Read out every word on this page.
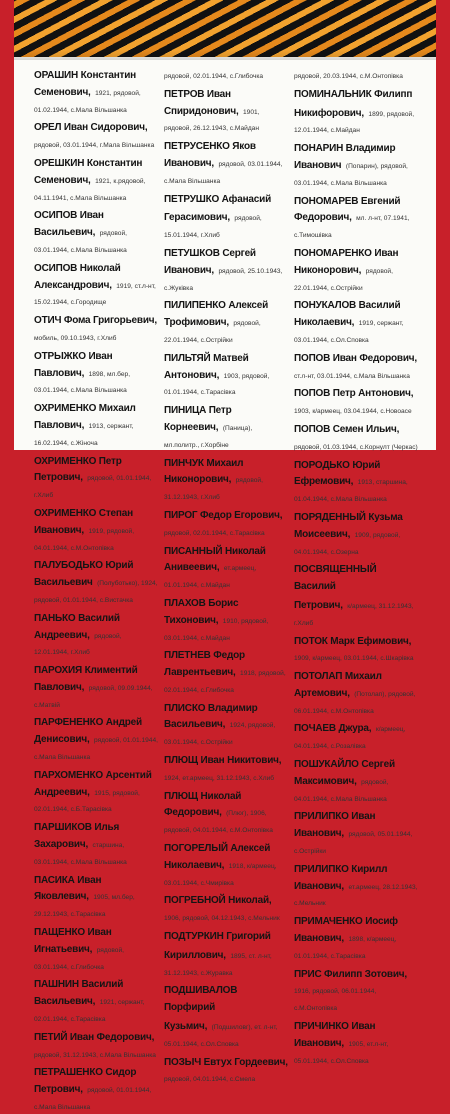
ОРАШИН Константин Семенович, 1921, рядовой, 01.02.1944, с.Мала Вільшанка
ОРЕЛ Иван Сидорович, рядовой, 03.01.1944, г.Мала Вільшанка
ОРЕШКИН Константин Семенович, 1921, к.рядовой, 04.11.1941, с.Мала Вільшанка
ОСИПОВ Иван Васильевич, рядовой, 03.01.1944, с.Мала Вільшанка
ОСИПОВ Николай Александрович, 1919, ст.л-нт, 15.02.1944, с.Городище
ОТИЧ Фома Григорьевич, мобиль, 09.10.1943, г.Хлиб
ОТРЫЖКО Иван Павлович, 1898, мл.бер, 03.01.1944, с.Мала Вільшанка
ОХРИМЕНКО Михаил Павлович, 1913, сержант, 16.02.1944, с.Жіноча
ОХРИМЕНКО Петр Петрович, рядовой, 01.01.1944, г.Хлиб
ОХРИМЕНКО Степан Иванович, 1919, рядовой, 04.01.1944, с.М.Онтопівка
ПАЛУБОДЬКО Юрий Васильевич (Полуботько), 1924, рядовой, 01.01.1944, с.Вистачка
ПАНЬКО Василий Андреевич, рядовой, 12.01.1944, г.Хлиб
ПАРОХИЯ Климентий Павлович, рядовой, 09.09.1944, с.Матвій
ПАРФЕНЕНКО Андрей Денисович, рядовой, 01.01.1944, с.Мала Вільшанка
ПАРХОМЕНКО Арсентий Андреевич, 1915, рядовой, 02.01.1944, с.Б.Тарасівка
ПАРШИКОВ Илья Захарович, старшина, 03.01.1944, с.Мала Вільшанка
ПАСИКА Иван Яковлевич, 1905, мл.бер, 29.12.1943, с.Тарасівка
ПАЩЕНКО Иван Игнатьевич, рядовой, 03.01.1944, с.Глибочка
ПАШНИН Василий Васильевич, 1921, сержант, 02.01.1944, с.Тарасівка
ПЕТИЙ Иван Федорович, рядовой, 31.12.1943, с.Мала Вільшанка
ПЕТРАШЕНКО Сидор Петрович, рядовой, 01.01.1944, с.Мала Вільшанка
рядовой, 02.01.1944, с.Глибочка
ПЕТРОВ Иван Спиридонович, 1901, рядовой, 26.12.1943, с.Майдан
ПЕТРУСЕНКО Яков Иванович, рядовой, 03.01.1944, с.Мала Вільшанка
ПЕТРУШКО Афанасий
Герасимович, рядовой, 15.01.1944, г.Хлиб
ПЕТУШКОВ Сергей Иванович, рядовой, 25.10.1943, с.Жуківка
ПИЛИПЕНКО Алексей Трофимович, рядовой, 22.01.1944, с.Острійки
ПИЛЬТЯЙ Матвей Антонович, 1903, рядовой, 01.01.1944, с.Тарасівка
ПИНИЦА Петр Корнеевич, (Паница), мл.политр., г.Хорбіне
ПИНЧУК Михаил Никонорович, рядовой, 31.12.1943, г.Хлиб
ПИРОГ Федор Егорович, рядовой, 02.01.1944, с.Тарасівка
ПИСАННЫЙ Николай Анивеевич, ет.армеец, 01.01.1944, с.Майдан
ПЛАХОВ Борис Тихонович, 1910, рядовой, 03.01.1944, с.Майдан
ПЛЕТНЕВ Федор Лаврентьевич, 1918, рядовой, 02.01.1944, с.Глибочка
ПЛИСКО Владимир Васильевич, 1924, рядовой, 03.01.1944, с.Острійки
ПЛЮЩ Иван Никитович, 1924, ет.армеец, 31.12.1943, с.Хлиб
ПЛЮЩ Николай Федорович, (Плюг), 1906, рядовой, 04.01.1944, с.М.Онтопівка
ПОГОРЕЛЫЙ Алексей Николаевич, 1918, к/армеец, 03.01.1944, с.Чмирівка
ПОГРЕБНОЙ Николай, 1906, рядовой, 04.12.1943, с.Мельник
ПОДТУРКИН Григорий
Кириллович, 1895, ст. л-нт, 31.12.1943, с.Журавка
ПОДШИВАЛОВ Порфирий
Кузьмич, (Подшиловг), ет. л-нт, 05.01.1944, с.Ол.Сповка
ПОЗЫЧ Евтух Гордеевич, рядовой, 04.01.1944, с.Смела
рядовой, 20.03.1944, с.М.Онтопівка
ПОМИНАЛЬНИК Филипп
Никифорович, 1899, рядовой, 12.01.1944, с.Майдан
ПОНАРИН Владимир Иванович (Попарин), рядовой, 03.01.1944, с.Мала Вільшанка
ПОНОМАРЕВ Евгений Федорович, мл. л-нт, 07.1941, с.Тимошівка
ПОНОМАРЕНКО Иван Никонорович, рядовой, 22.01.1944, с.Острійки
ПОНУКАЛОВ Василий Николаевич, 1919, сержант, 03.01.1944, с.Ол.Сповка
ПОПОВ Иван Федорович, ст.л-нт, 03.01.1944, с.Мала Вільшанка
ПОПОВ Петр Антонович, 1903, к/армеец, 03.04.1944, с.Новоасе
ПОПОВ Семен Ильич, рядовой, 01.03.1944, с.Корнулт (Черкас)
ПОРОДЬКО Юрий Ефремович, 1913, старшина, 01.04.1944, с.Мала Вільшанка
ПОРЯДЕННЫЙ Кузьма Моисеевич, 1909, рядовой, 04.01.1944, с.Озерна
ПОСВЯЩЕННЫЙ Василий
Петрович, к/армеец, 31.12.1943, г.Хлиб
ПОТОК Марк Ефимович, 1909, к/армеец, 03.01.1944, с.Шкарівка
ПОТОЛАП Михаил Артемович, (Потолап), рядовой, 06.01.1944, с.М.Онтопівка
ПОЧАЕВ Джура, к/армеец, 04.01.1944, с.Розалівка
ПОШУКАЙЛО Сергей Максимович, рядовой, 04.01.1944, с.Мала Вільшанка
ПРИЛИПКО Иван Иванович, рядовой, 05.01.1944, с.Острійки
ПРИЛИПКО Кирилл Иванович, ет.армеец, 28.12.1943, с.Мельник
ПРИМАЧЕНКО Иосиф Иванович, 1898, к/армеец, 01.01.1944, с.Тарасівка
ПРИС Филипп Зотович, 1916, рядовой, 06.01.1944, с.М.Онтопівка
ПРИЧИНКО Иван Иванович, 1905, ет.л-нт, 05.01.1944, с.Ол.Сповка
